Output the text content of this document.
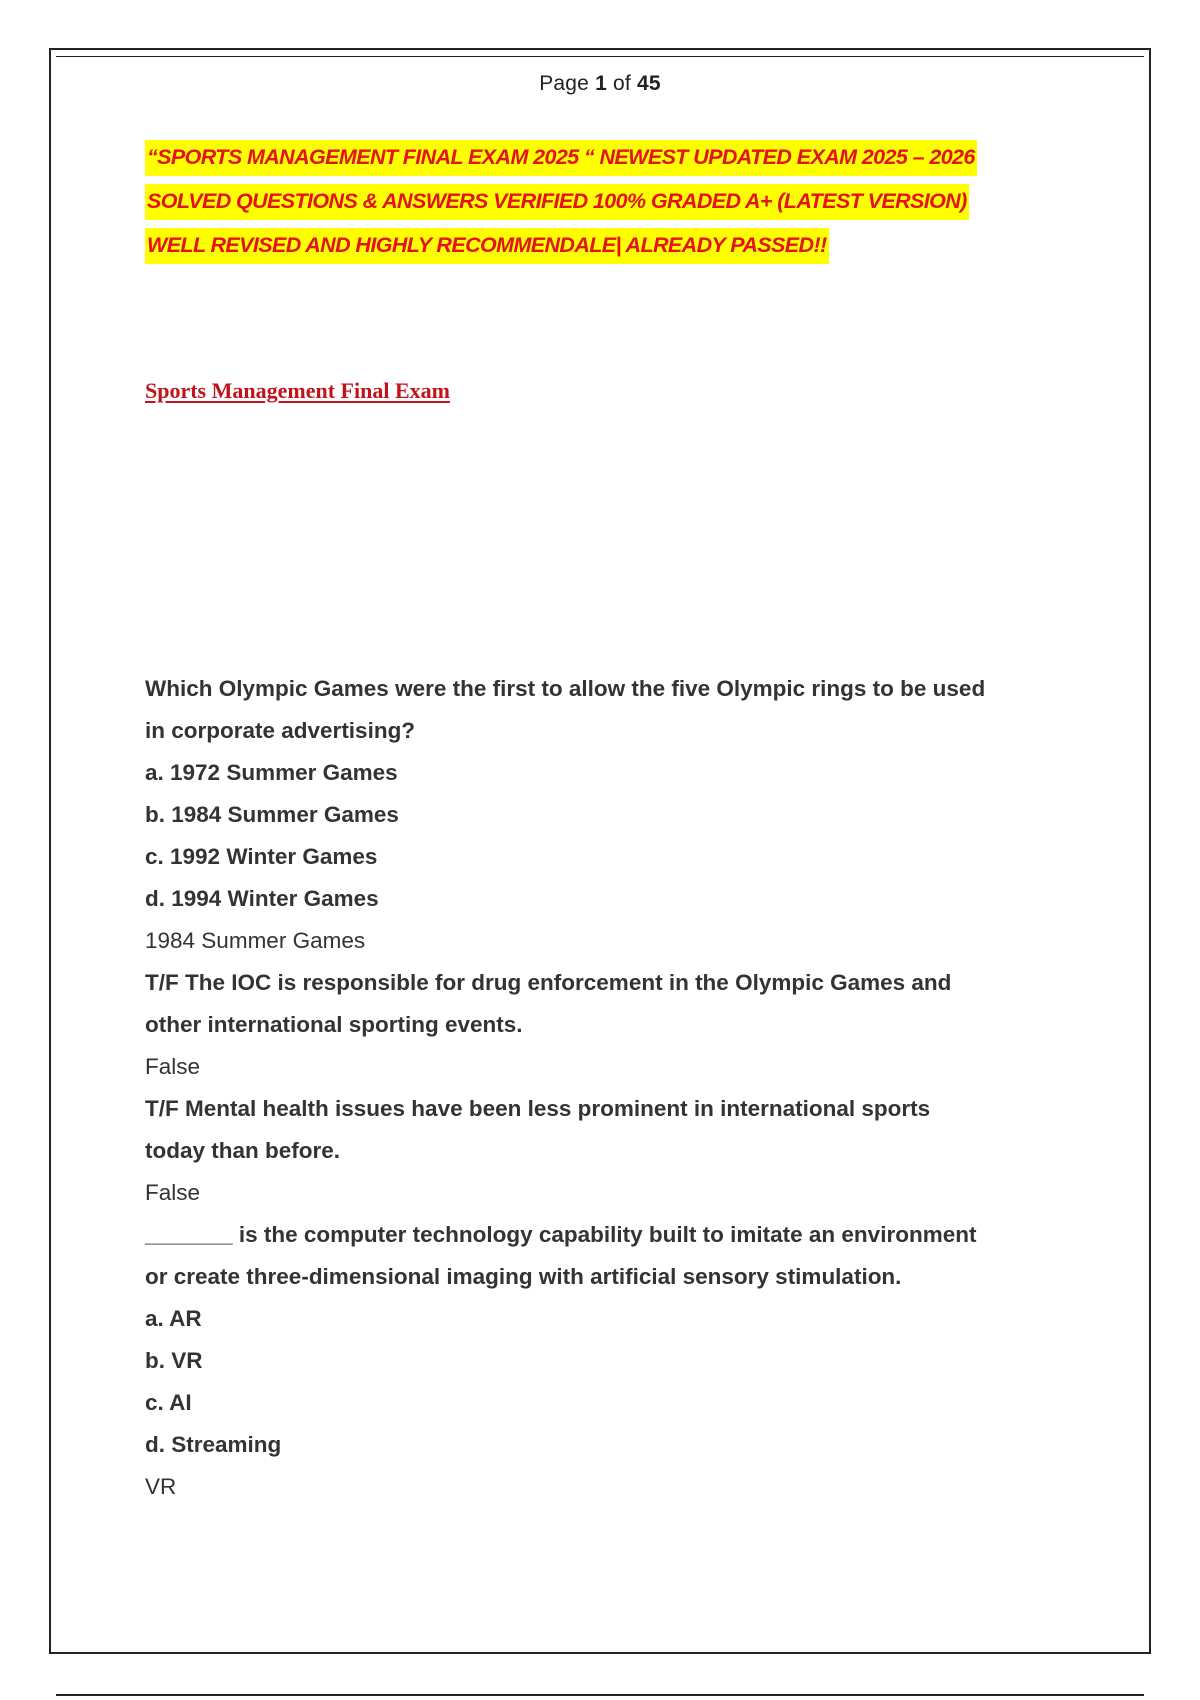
Page 1 of 45
“SPORTS MANAGEMENT FINAL EXAM 2025 “ NEWEST UPDATED EXAM 2025 – 2026
SOLVED QUESTIONS & ANSWERS VERIFIED 100% GRADED A+ (LATEST VERSION)
WELL REVISED AND HIGHLY RECOMMENDALE| ALREADY PASSED!!
Sports Management Final Exam
Which Olympic Games were the first to allow the five Olympic rings to be used
in corporate advertising?
a. 1972 Summer Games
b. 1984 Summer Games
c. 1992 Winter Games
d. 1994 Winter Games
1984 Summer Games
T/F The IOC is responsible for drug enforcement in the Olympic Games and
other international sporting events.
False
T/F Mental health issues have been less prominent in international sports
today than before.
False
_______ is the computer technology capability built to imitate an environment
or create three-dimensional imaging with artificial sensory stimulation.
a. AR
b. VR
c. AI
d. Streaming
VR
